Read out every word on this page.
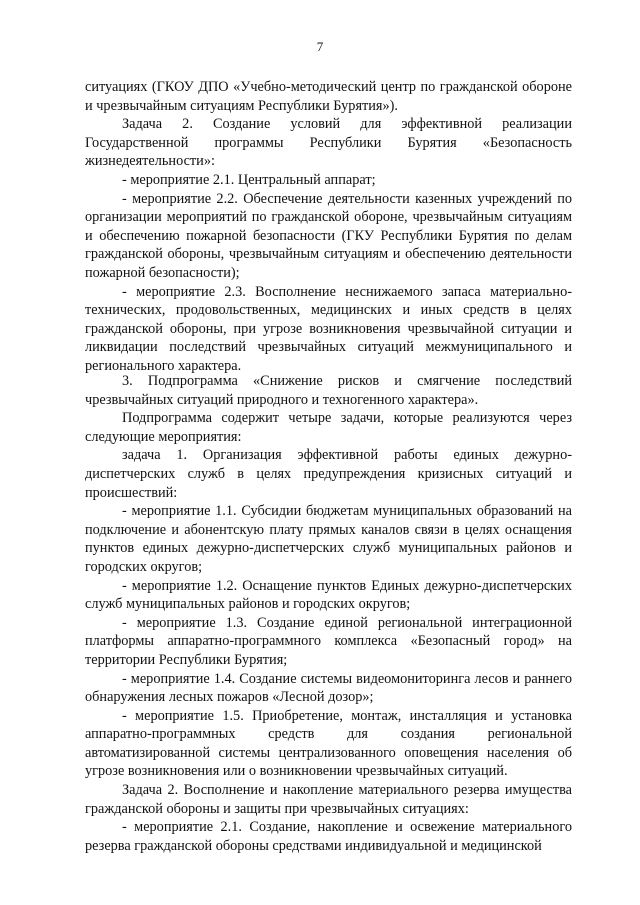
7
ситуациях (ГКОУ ДПО «Учебно-методический центр по гражданской обороне и чрезвычайным ситуациям Республики Бурятия»).
Задача 2. Создание условий для эффективной реализации Государственной программы Республики Бурятия «Безопасность жизнедеятельности»:
- мероприятие 2.1. Центральный аппарат;
- мероприятие 2.2. Обеспечение деятельности казенных учреждений по организации мероприятий по гражданской обороне, чрезвычайным ситуациям и обеспечению пожарной безопасности (ГКУ Республики Бурятия по делам гражданской обороны, чрезвычайным ситуациям и обеспечению деятельности пожарной безопасности);
- мероприятие 2.3. Восполнение неснижаемого запаса материально-технических, продовольственных, медицинских и иных средств в целях гражданской обороны, при угрозе возникновения чрезвычайной ситуации и ликвидации последствий чрезвычайных ситуаций межмуниципального и регионального характера.
3. Подпрограмма «Снижение рисков и смягчение последствий чрезвычайных ситуаций природного и техногенного характера».
Подпрограмма содержит четыре задачи, которые реализуются через следующие мероприятия:
задача 1. Организация эффективной работы единых дежурно-диспетчерских служб в целях предупреждения кризисных ситуаций и происшествий:
- мероприятие 1.1. Субсидии бюджетам муниципальных образований на подключение и абонентскую плату прямых каналов связи в целях оснащения пунктов единых дежурно-диспетчерских служб муниципальных районов и городских округов;
- мероприятие 1.2. Оснащение пунктов Единых дежурно-диспетчерских служб муниципальных районов и городских округов;
- мероприятие 1.3. Создание единой региональной интеграционной платформы аппаратно-программного комплекса «Безопасный город» на территории Республики Бурятия;
- мероприятие 1.4. Создание системы видеомониторинга лесов и раннего обнаружения лесных пожаров «Лесной дозор»;
- мероприятие 1.5. Приобретение, монтаж, инсталляция и установка аппаратно-программных средств для создания региональной автоматизированной системы централизованного оповещения населения об угрозе возникновения или о возникновении чрезвычайных ситуаций.
Задача 2. Восполнение и накопление материального резерва имущества гражданской обороны и защиты при чрезвычайных ситуациях:
- мероприятие 2.1. Создание, накопление и освежение материального резерва гражданской обороны средствами индивидуальной и медицинской
